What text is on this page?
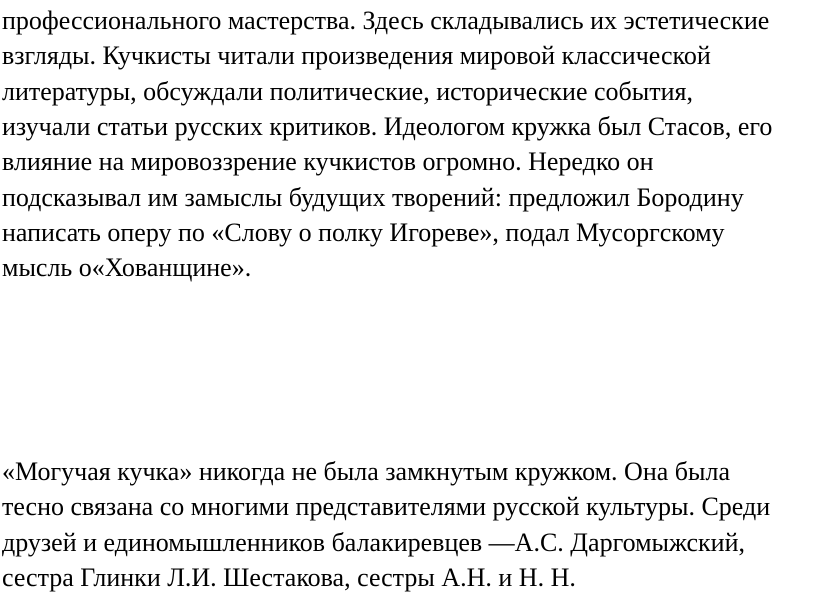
профессионального мастерства. Здесь складывались их эстетические
взгляды. Кучкисты читали произведения мировой классической
литературы, обсуждали политические, исторические события,
изучали статьи русских критиков. Идеологом кружка был Стасов, его
влияние на мировоззрение кучкистов огромно. Нередко он
подсказывал им замыслы будущих творений: предложил Бородину
написать оперу по «Слову о полку Игореве», подал Мусоргскому
мысль о«Хованщине».
«Могучая кучка» никогда не была замкнутым кружком. Она была
тесно связана со многими представителями русской культуры. Среди
друзей и единомышленников балакиревцев —А.С. Даргомыжский,
сестра Глинки Л.И. Шестакова, сестры А.Н. и Н. Н.
